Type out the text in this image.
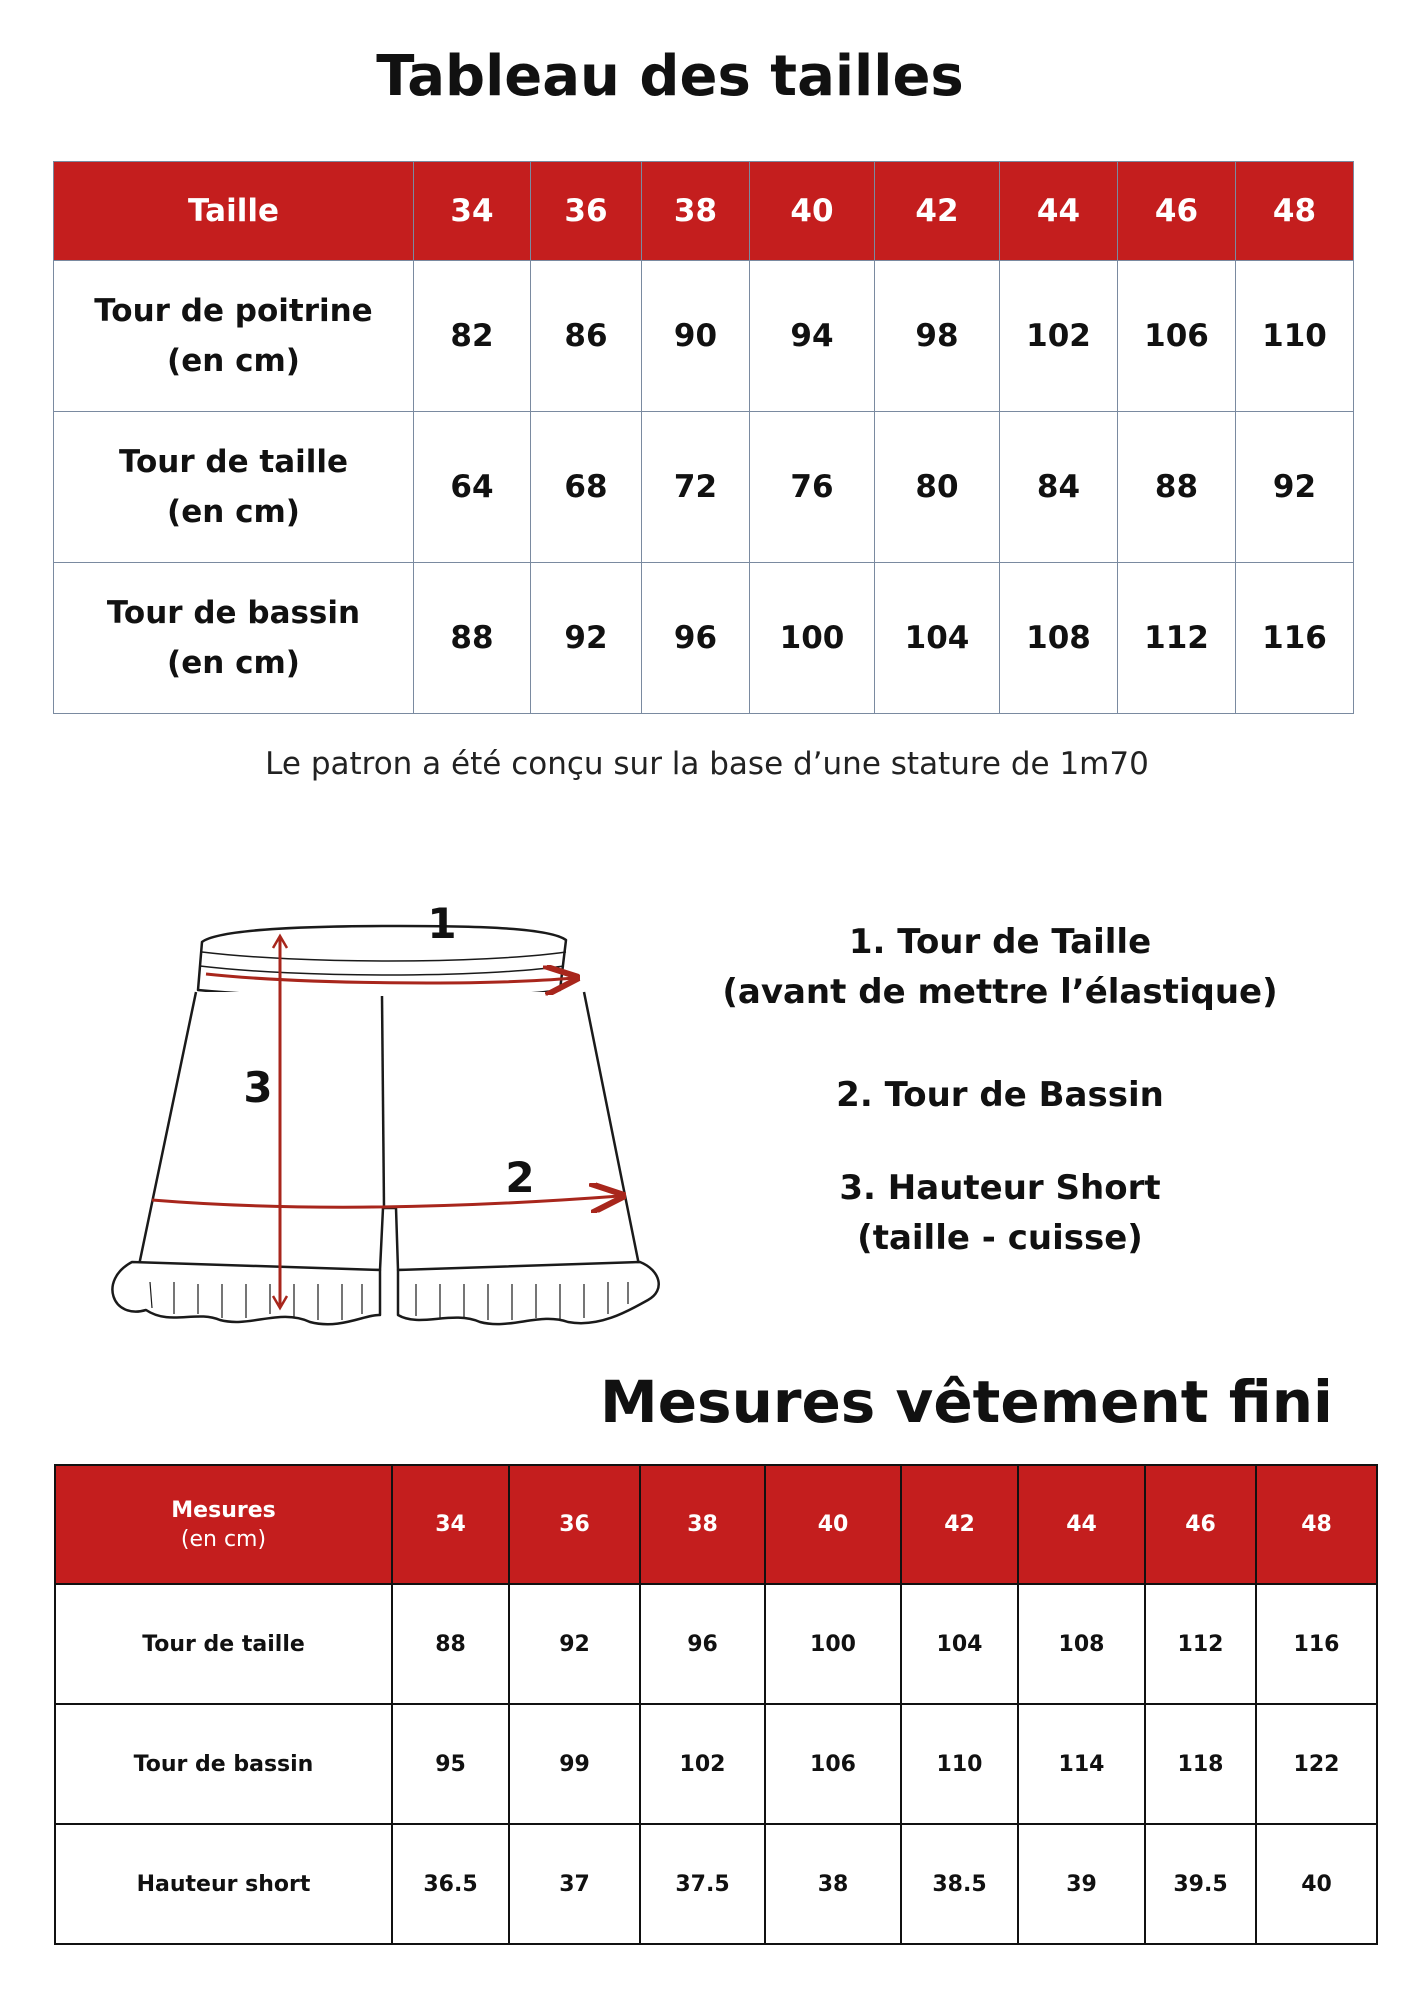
Tableau des tailles
Taille	34	36	38	40	42	44	46	48
Tour de poitrine
(en cm)	82	86	90	94	98	102	106	110
Tour de taille
(en cm)	64	68	72	76	80	84	88	92
Tour de bassin
(en cm)	88	92	96	100	104	108	112	116
Le patron a été conçu sur la base d’une stature de 1m70
1
2
3
1. Tour de Taille
(avant de mettre l’élastique)
2. Tour de Bassin
3. Hauteur Short
(taille - cuisse)
Mesures vêtement fini
Mesures
(en cm)	34	36	38	40	42	44	46	48
Tour de taille	88	92	96	100	104	108	112	116
Tour de bassin	95	99	102	106	110	114	118	122
Hauteur short	36.5	37	37.5	38	38.5	39	39.5	40
